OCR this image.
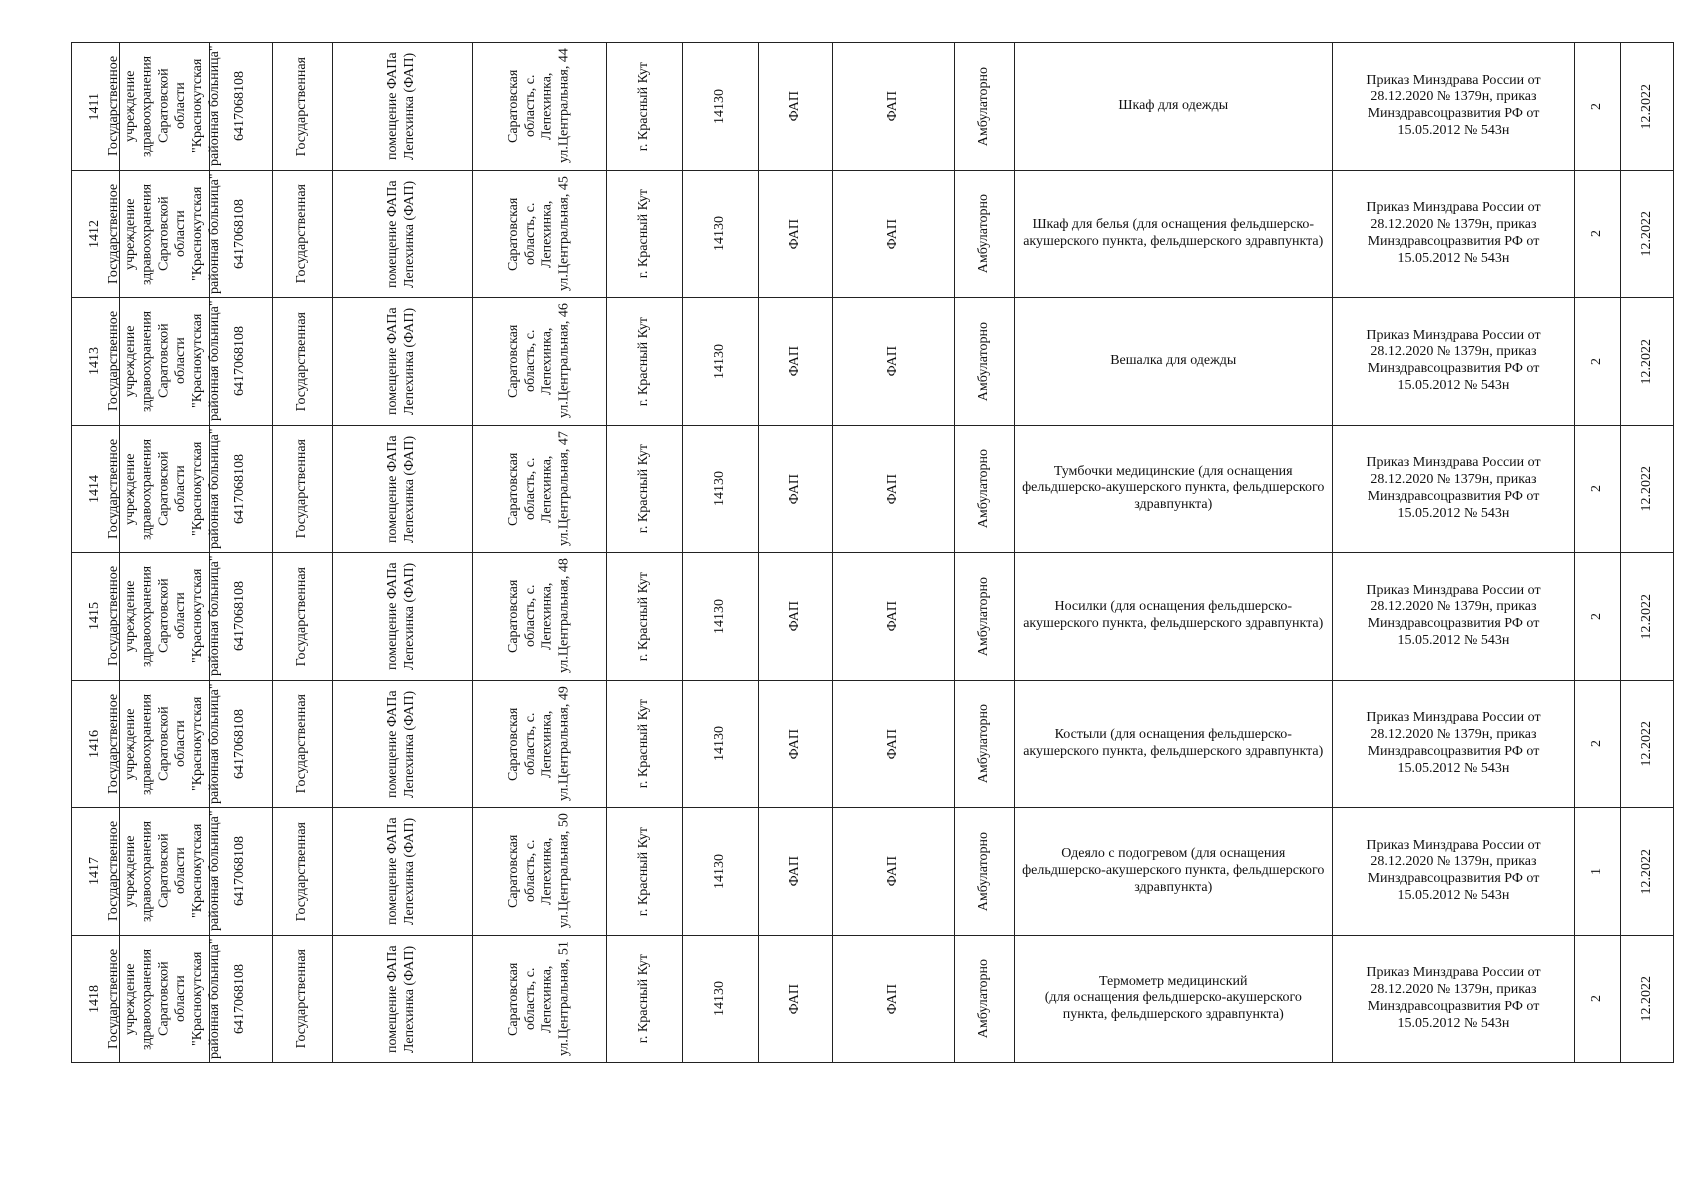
1411	Государственное учреждение здравоохранения Саратовской области "Краснокутская районная больница"	6417068108	Государственная	помещение ФАПа Лепехинка (ФАП)	Саратовская область, с. Лепехинка, ул.Центральная, 44	г. Красный Кут	14130	ФАП	ФАП	Амбулаторно	Шкаф для одежды	Приказ Минздрава России от 28.12.2020 № 1379н, приказ Минздравсоцразвития РФ от 15.05.2012 № 543н	2	12.2022

1412	Государственное учреждение здравоохранения Саратовской области "Краснокутская районная больница"	6417068108	Государственная	помещение ФАПа Лепехинка (ФАП)	Саратовская область, с. Лепехинка, ул.Центральная, 45	г. Красный Кут	14130	ФАП	ФАП	Амбулаторно	Шкаф для белья (для оснащения фельдшерско-акушерского пункта, фельдшерского здравпункта)	Приказ Минздрава России от 28.12.2020 № 1379н, приказ Минздравсоцразвития РФ от 15.05.2012 № 543н	2	12.2022

1413	Государственное учреждение здравоохранения Саратовской области "Краснокутская районная больница"	6417068108	Государственная	помещение ФАПа Лепехинка (ФАП)	Саратовская область, с. Лепехинка, ул.Центральная, 46	г. Красный Кут	14130	ФАП	ФАП	Амбулаторно	Вешалка для одежды	Приказ Минздрава России от 28.12.2020 № 1379н, приказ Минздравсоцразвития РФ от 15.05.2012 № 543н	2	12.2022

1414	Государственное учреждение здравоохранения Саратовской области "Краснокутская районная больница"	6417068108	Государственная	помещение ФАПа Лепехинка (ФАП)	Саратовская область, с. Лепехинка, ул.Центральная, 47	г. Красный Кут	14130	ФАП	ФАП	Амбулаторно	Тумбочки медицинские (для оснащения фельдшерско-акушерского пункта, фельдшерского здравпункта)	Приказ Минздрава России от 28.12.2020 № 1379н, приказ Минздравсоцразвития РФ от 15.05.2012 № 543н	2	12.2022

1415	Государственное учреждение здравоохранения Саратовской области "Краснокутская районная больница"	6417068108	Государственная	помещение ФАПа Лепехинка (ФАП)	Саратовская область, с. Лепехинка, ул.Центральная, 48	г. Красный Кут	14130	ФАП	ФАП	Амбулаторно	Носилки (для оснащения фельдшерско-акушерского пункта, фельдшерского здравпункта)	Приказ Минздрава России от 28.12.2020 № 1379н, приказ Минздравсоцразвития РФ от 15.05.2012 № 543н	2	12.2022

1416	Государственное учреждение здравоохранения Саратовской области "Краснокутская районная больница"	6417068108	Государственная	помещение ФАПа Лепехинка (ФАП)	Саратовская область, с. Лепехинка, ул.Центральная, 49	г. Красный Кут	14130	ФАП	ФАП	Амбулаторно	Костыли (для оснащения фельдшерско-акушерского пункта, фельдшерского здравпункта)	Приказ Минздрава России от 28.12.2020 № 1379н, приказ Минздравсоцразвития РФ от 15.05.2012 № 543н	2	12.2022

1417	Государственное учреждение здравоохранения Саратовской области "Краснокутская районная больница"	6417068108	Государственная	помещение ФАПа Лепехинка (ФАП)	Саратовская область, с. Лепехинка, ул.Центральная, 50	г. Красный Кут	14130	ФАП	ФАП	Амбулаторно	Одеяло с подогревом (для оснащения фельдшерско-акушерского пункта, фельдшерского здравпункта)	Приказ Минздрава России от 28.12.2020 № 1379н, приказ Минздравсоцразвития РФ от 15.05.2012 № 543н	1	12.2022

1418	Государственное учреждение здравоохранения Саратовской области "Краснокутская районная больница"	6417068108	Государственная	помещение ФАПа Лепехинка (ФАП)	Саратовская область, с. Лепехинка, ул.Центральная, 51	г. Красный Кут	14130	ФАП	ФАП	Амбулаторно	Термометр медицинский
(для оснащения фельдшерско-акушерского пункта, фельдшерского здравпункта)	Приказ Минздрава России от 28.12.2020 № 1379н, приказ Минздравсоцразвития РФ от 15.05.2012 № 543н	2	12.2022
